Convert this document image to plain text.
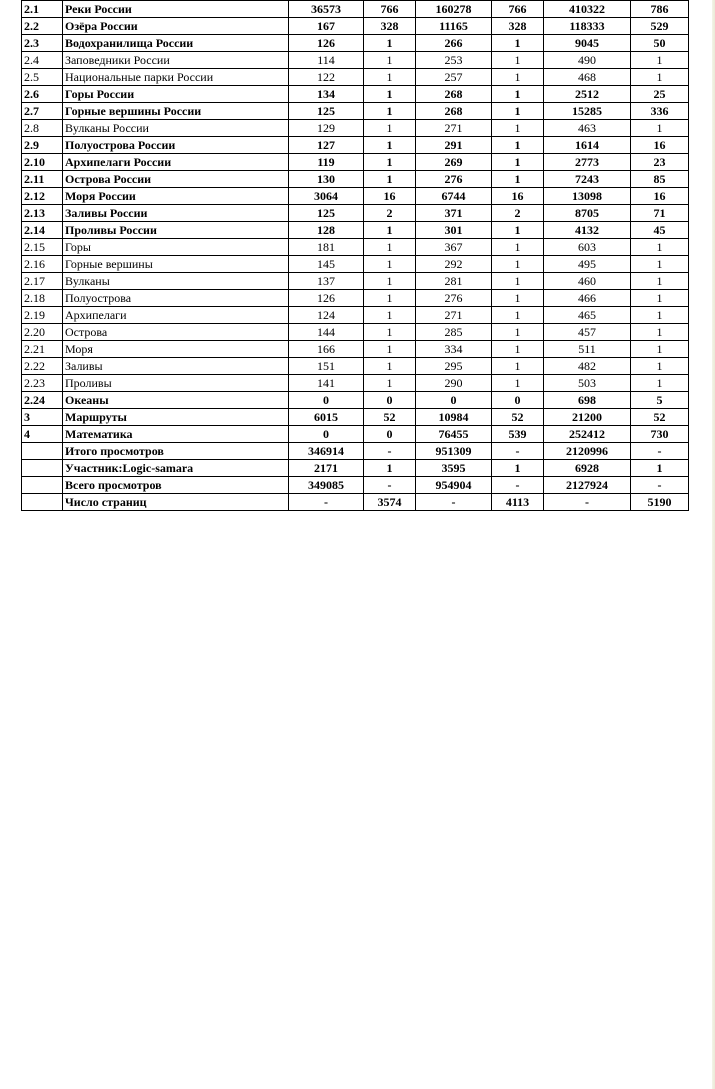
2.1	Реки России	36573	766	160278	766	410322	786
2.2	Озёра России	167	328	11165	328	118333	529
2.3	Водохранилища России	126	1	266	1	9045	50
2.4	Заповедники России	114	1	253	1	490	1
2.5	Национальные парки России	122	1	257	1	468	1
2.6	Горы России	134	1	268	1	2512	25
2.7	Горные вершины России	125	1	268	1	15285	336
2.8	Вулканы России	129	1	271	1	463	1
2.9	Полуострова России	127	1	291	1	1614	16
2.10	Архипелаги России	119	1	269	1	2773	23
2.11	Острова России	130	1	276	1	7243	85
2.12	Моря России	3064	16	6744	16	13098	16
2.13	Заливы России	125	2	371	2	8705	71
2.14	Проливы России	128	1	301	1	4132	45
2.15	Горы	181	1	367	1	603	1
2.16	Горные вершины	145	1	292	1	495	1
2.17	Вулканы	137	1	281	1	460	1
2.18	Полуострова	126	1	276	1	466	1
2.19	Архипелаги	124	1	271	1	465	1
2.20	Острова	144	1	285	1	457	1
2.21	Моря	166	1	334	1	511	1
2.22	Заливы	151	1	295	1	482	1
2.23	Проливы	141	1	290	1	503	1
2.24	Океаны	0	0	0	0	698	5
3	Маршруты	6015	52	10984	52	21200	52
4	Математика	0	0	76455	539	252412	730
	Итого просмотров	346914	-	951309	-	2120996	-
	Участник:Logic-samara	2171	1	3595	1	6928	1
	Всего просмотров	349085	-	954904	-	2127924	-
	Число страниц	-	3574	-	4113	-	5190
